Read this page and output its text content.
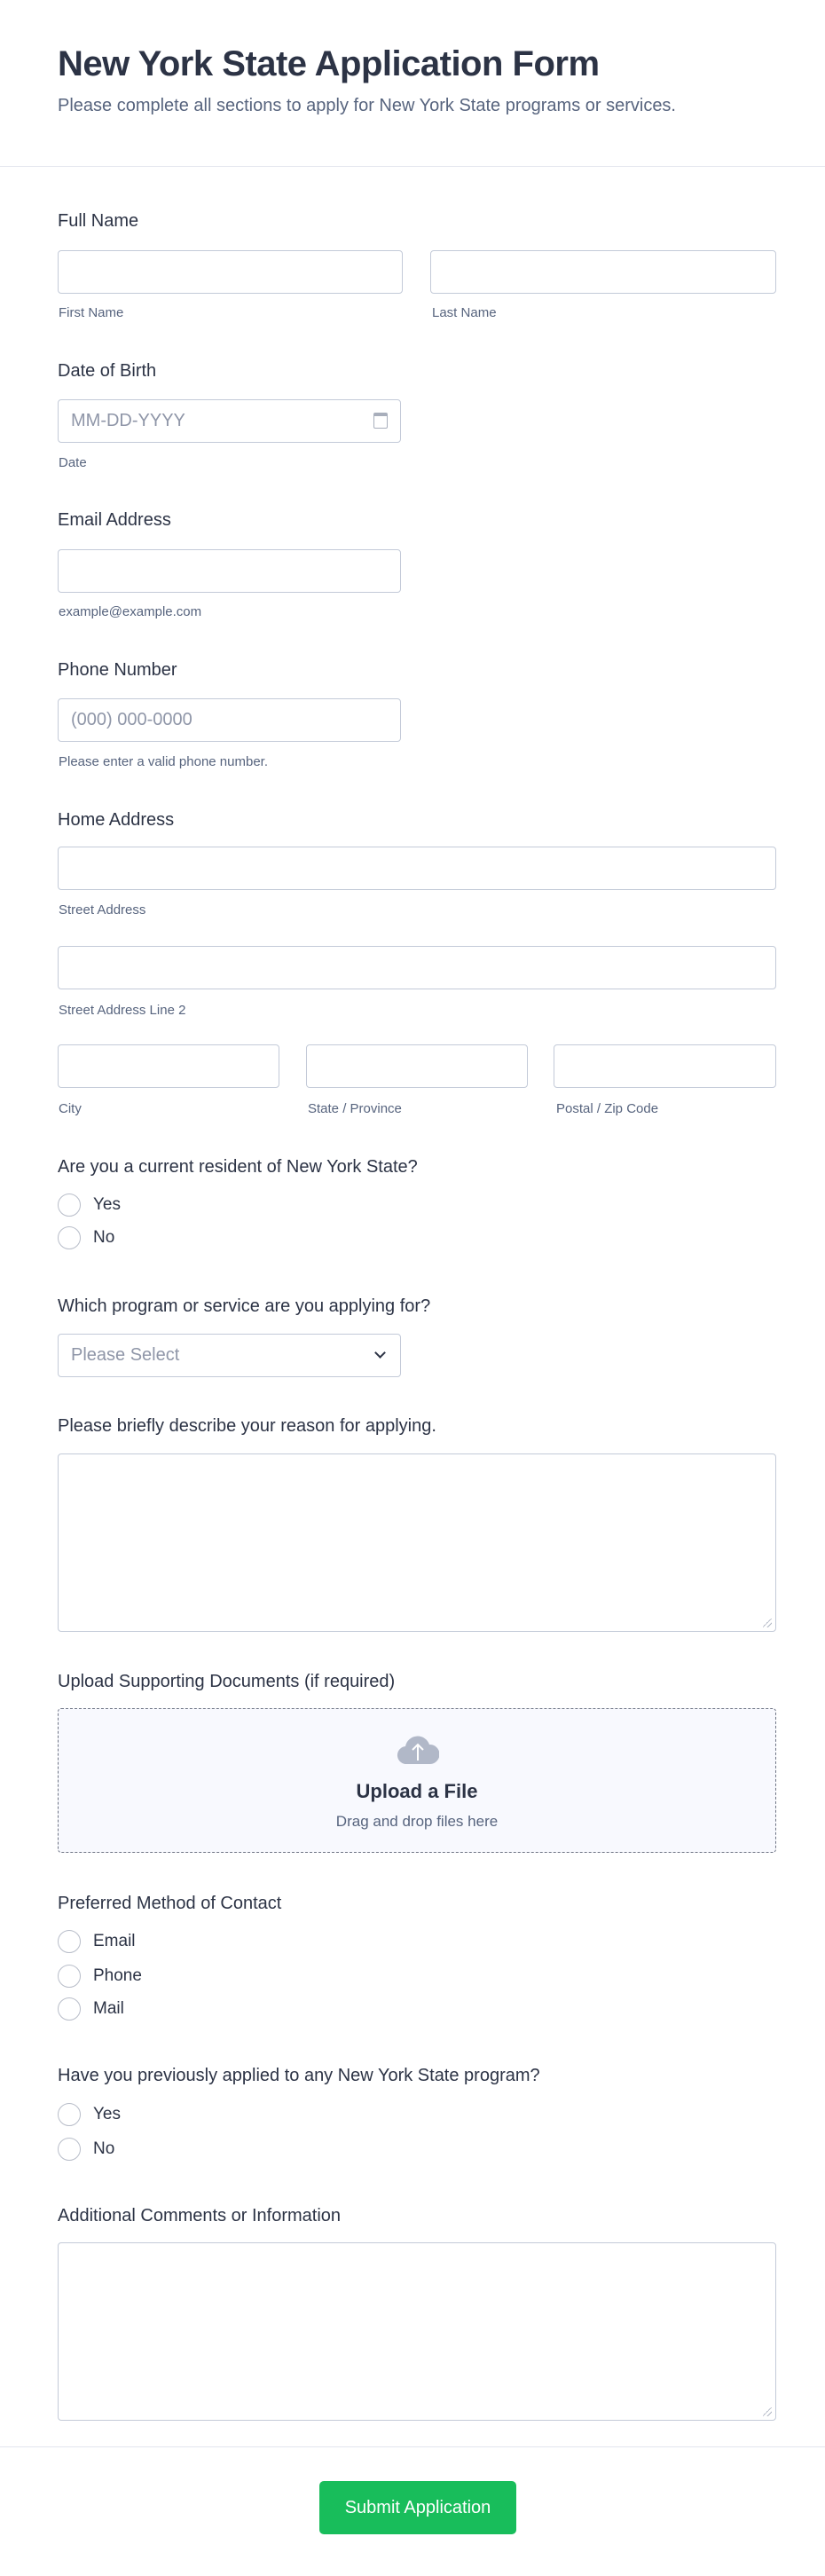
New York State Application Form
Please complete all sections to apply for New York State programs or services.
Full Name
First Name	Last Name
Date of Birth
MM-DD-YYYY
Date
Email Address
example@example.com
Phone Number
(000) 000-0000
Please enter a valid phone number.
Home Address
Street Address
Street Address Line 2
City	State / Province	Postal / Zip Code
Are you a current resident of New York State?
Yes
No
Which program or service are you applying for?
Please Select
Please briefly describe your reason for applying.
Upload Supporting Documents (if required)
Upload a File
Drag and drop files here
Preferred Method of Contact
Email
Phone
Mail
Have you previously applied to any New York State program?
Yes
No
Additional Comments or Information
Submit Application
